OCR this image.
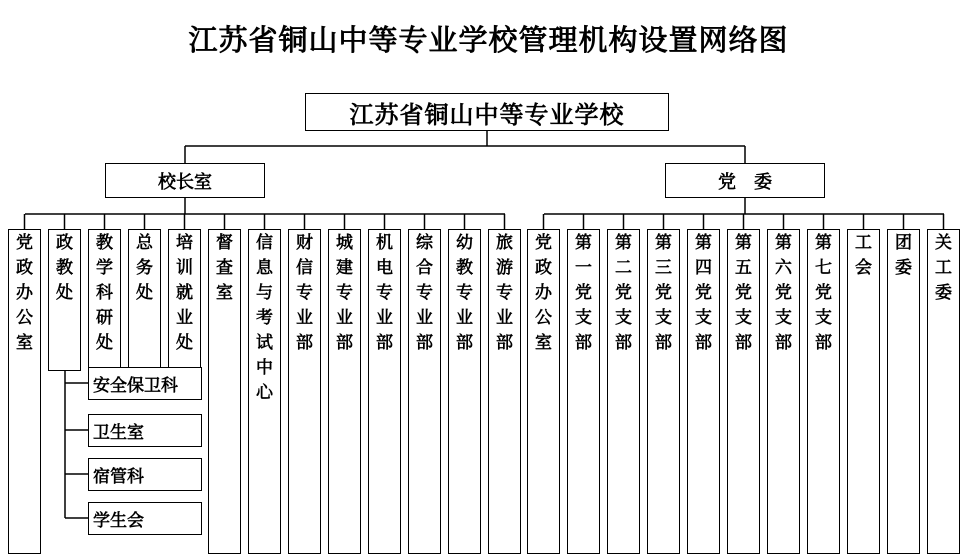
江苏省铜山中等专业学校管理机构设置网络图
江苏省铜山中等专业学校
校长室	党　委
党
政
办
公
室
政
教
处
教
学
科
研
处
总
务
处
培
训
就
业
处
督
查
室
信
息
与
考
试
中
心
财
信
专
业
部
城
建
专
业
部
机
电
专
业
部
综
合
专
业
部
幼
教
专
业
部
旅
游
专
业
部
党
政
办
公
室
第
一
党
支
部
第
二
党
支
部
第
三
党
支
部
第
四
党
支
部
第
五
党
支
部
第
六
党
支
部
第
七
党
支
部
工
会
团
委
关
工
委
安全保卫科
卫生室
宿管科
学生会
